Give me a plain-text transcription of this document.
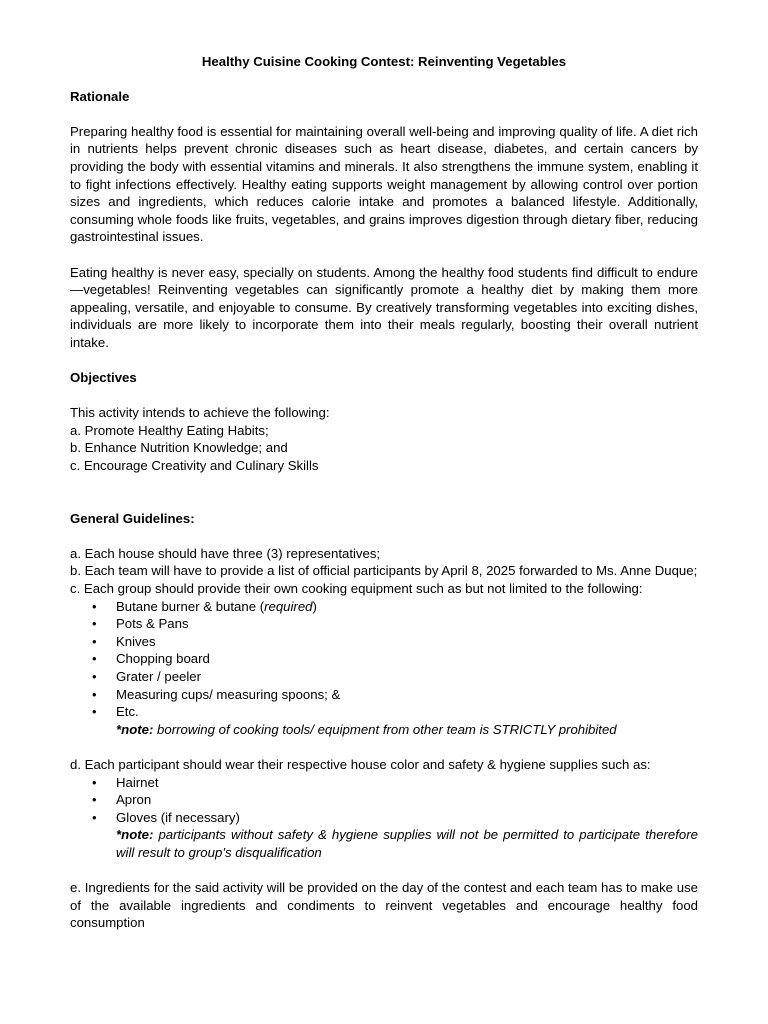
Healthy Cuisine Cooking Contest: Reinventing Vegetables

Rationale

Preparing healthy food is essential for maintaining overall well-being and improving quality of life. A diet rich in nutrients helps prevent chronic diseases such as heart disease, diabetes, and certain cancers by providing the body with essential vitamins and minerals. It also strengthens the immune system, enabling it to fight infections effectively. Healthy eating supports weight management by allowing control over portion sizes and ingredients, which reduces calorie intake and promotes a balanced lifestyle. Additionally, consuming whole foods like fruits, vegetables, and grains improves digestion through dietary fiber, reducing gastrointestinal issues.

Eating healthy is never easy, specially on students. Among the healthy food students find difficult to endure—vegetables! Reinventing vegetables can significantly promote a healthy diet by making them more appealing, versatile, and enjoyable to consume. By creatively transforming vegetables into exciting dishes, individuals are more likely to incorporate them into their meals regularly, boosting their overall nutrient intake.

Objectives

This activity intends to achieve the following:

a. Promote Healthy Eating Habits;

b. Enhance Nutrition Knowledge; and

c. Encourage Creativity and Culinary Skills

General Guidelines:

a. Each house should have three (3) representatives;

b. Each team will have to provide a list of official participants by April 8, 2025 forwarded to Ms. Anne Duque;

c. Each group should provide their own cooking equipment such as but not limited to the following:

• Butane burner & butane (required)
• Pots & Pans
• Knives
• Chopping board
• Grater / peeler
• Measuring cups/ measuring spoons; &
• Etc.

*note: borrowing of cooking tools/ equipment from other team is STRICTLY prohibited

d. Each participant should wear their respective house color and safety & hygiene supplies such as:

• Hairnet
• Apron
• Gloves (if necessary)

*note: participants without safety & hygiene supplies will not be permitted to participate therefore will result to group’s disqualification

e. Ingredients for the said activity will be provided on the day of the contest and each team has to make use of the available ingredients and condiments to reinvent vegetables and encourage healthy food consumption
